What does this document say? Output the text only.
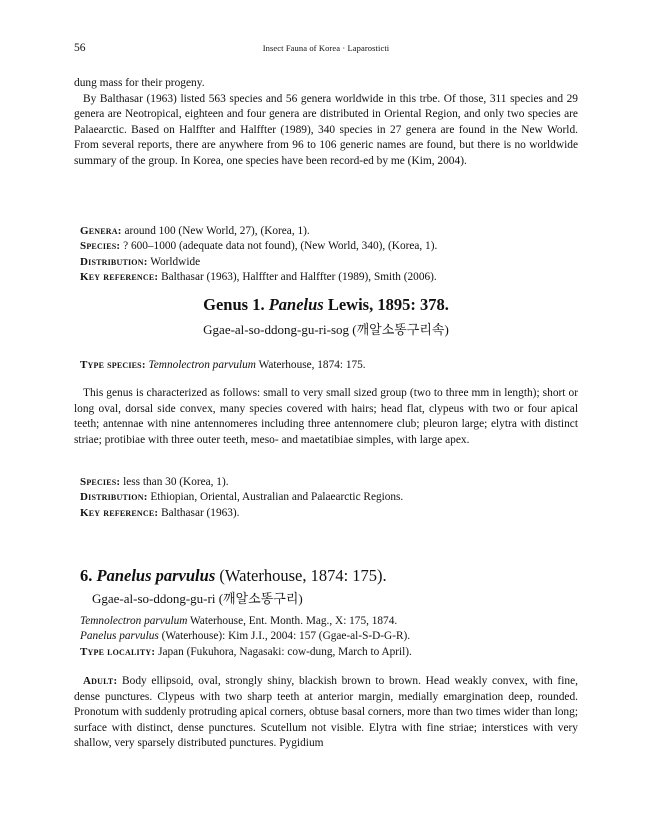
56	Insect Fauna of Korea · Laparosticti

dung mass for their progeny.

By Balthasar (1963) listed 563 species and 56 genera worldwide in this trbe. Of those, 311 species and 29 genera are Neotropical, eighteen and four genera are distributed in Oriental Region, and only two species are Palaearctic. Based on Halffter and Halffter (1989), 340 species in 27 genera are found in the New World. From several reports, there are anywhere from 96 to 106 generic names are found, but there is no worldwide summary of the group. In Korea, one species have been record-ed by me (Kim, 2004).

Genera: around 100 (New World, 27), (Korea, 1).

Species: ? 600–1000 (adequate data not found), (New World, 340), (Korea, 1).

Distribution: Worldwide

Key reference: Balthasar (1963), Halffter and Halffter (1989), Smith (2006).

Genus 1. Panelus Lewis, 1895: 378.
Ggae-al-so-ddong-gu-ri-sog (깨알소똥구리속)

Type species: Temnolectron parvulum Waterhouse, 1874: 175.

This genus is characterized as follows: small to very small sized group (two to three mm in length); short or long oval, dorsal side convex, many species covered with hairs; head flat, clypeus with two or four apical teeth; antennae with nine antennomeres including three antennomere club; pleuron large; elytra with distinct striae; protibiae with three outer teeth, meso- and maetatibiae simples, with large apex.

Species: less than 30 (Korea, 1).

Distribution: Ethiopian, Oriental, Australian and Palaearctic Regions.

Key reference: Balthasar (1963).

6. Panelus parvulus (Waterhouse, 1874: 175).
Ggae-al-so-ddong-gu-ri (깨알소똥구리)

Temnolectron parvulum Waterhouse, Ent. Month. Mag., X: 175, 1874.

Panelus parvulus (Waterhouse): Kim J.I., 2004: 157 (Ggae-al-S-D-G-R).

Type locality: Japan (Fukuhora, Nagasaki: cow-dung, March to April).

Adult: Body ellipsoid, oval, strongly shiny, blackish brown to brown. Head weakly convex, with fine, dense punctures. Clypeus with two sharp teeth at anterior margin, medially emargination deep, rounded. Pronotum with suddenly protruding apical corners, obtuse basal corners, more than two times wider than long; surface with distinct, dense punctures. Scutellum not visible. Elytra with fine striae; interstices with very shallow, very sparsely distributed punctures. Pygidium
